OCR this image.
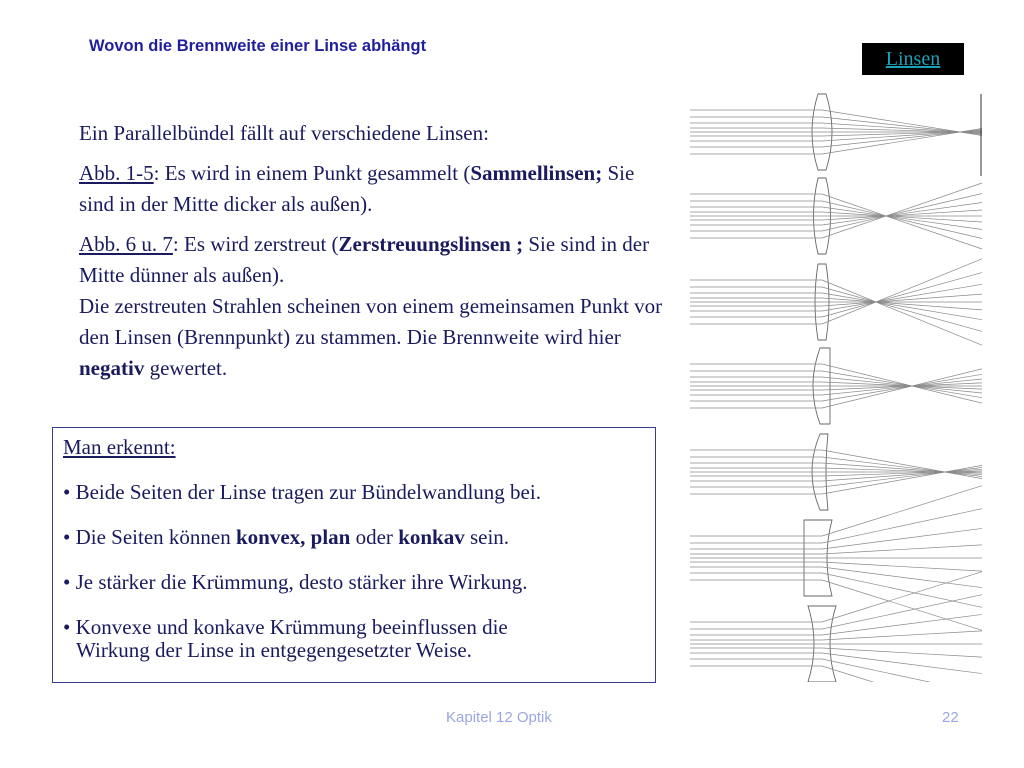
Wovon die Brennweite einer Linse abhängt
Linsen

Ein Parallelbündel fällt auf verschiedene Linsen:

Abb. 1-5: Es wird in einem Punkt gesammelt (Sammellinsen; Sie sind in der Mitte dicker als außen).

Abb. 6 u. 7: Es wird zerstreut (Zerstreuungslinsen ; Sie sind in der Mitte dünner als außen).

Die zerstreuten Strahlen scheinen von einem gemeinsamen Punkt vor den Linsen (Brennpunkt) zu stammen. Die Brennweite wird hier negativ gewertet.

Man erkennt:
• Beide Seiten der Linse tragen zur Bündelwandlung bei.
• Die Seiten können konvex, plan oder konkav sein.
• Je stärker die Krümmung, desto stärker ihre Wirkung.
• Konvexe und konkave Krümmung beeinflussen die
Wirkung der Linse in entgegengesetzter Weise.
Kapitel 12 Optik	22
